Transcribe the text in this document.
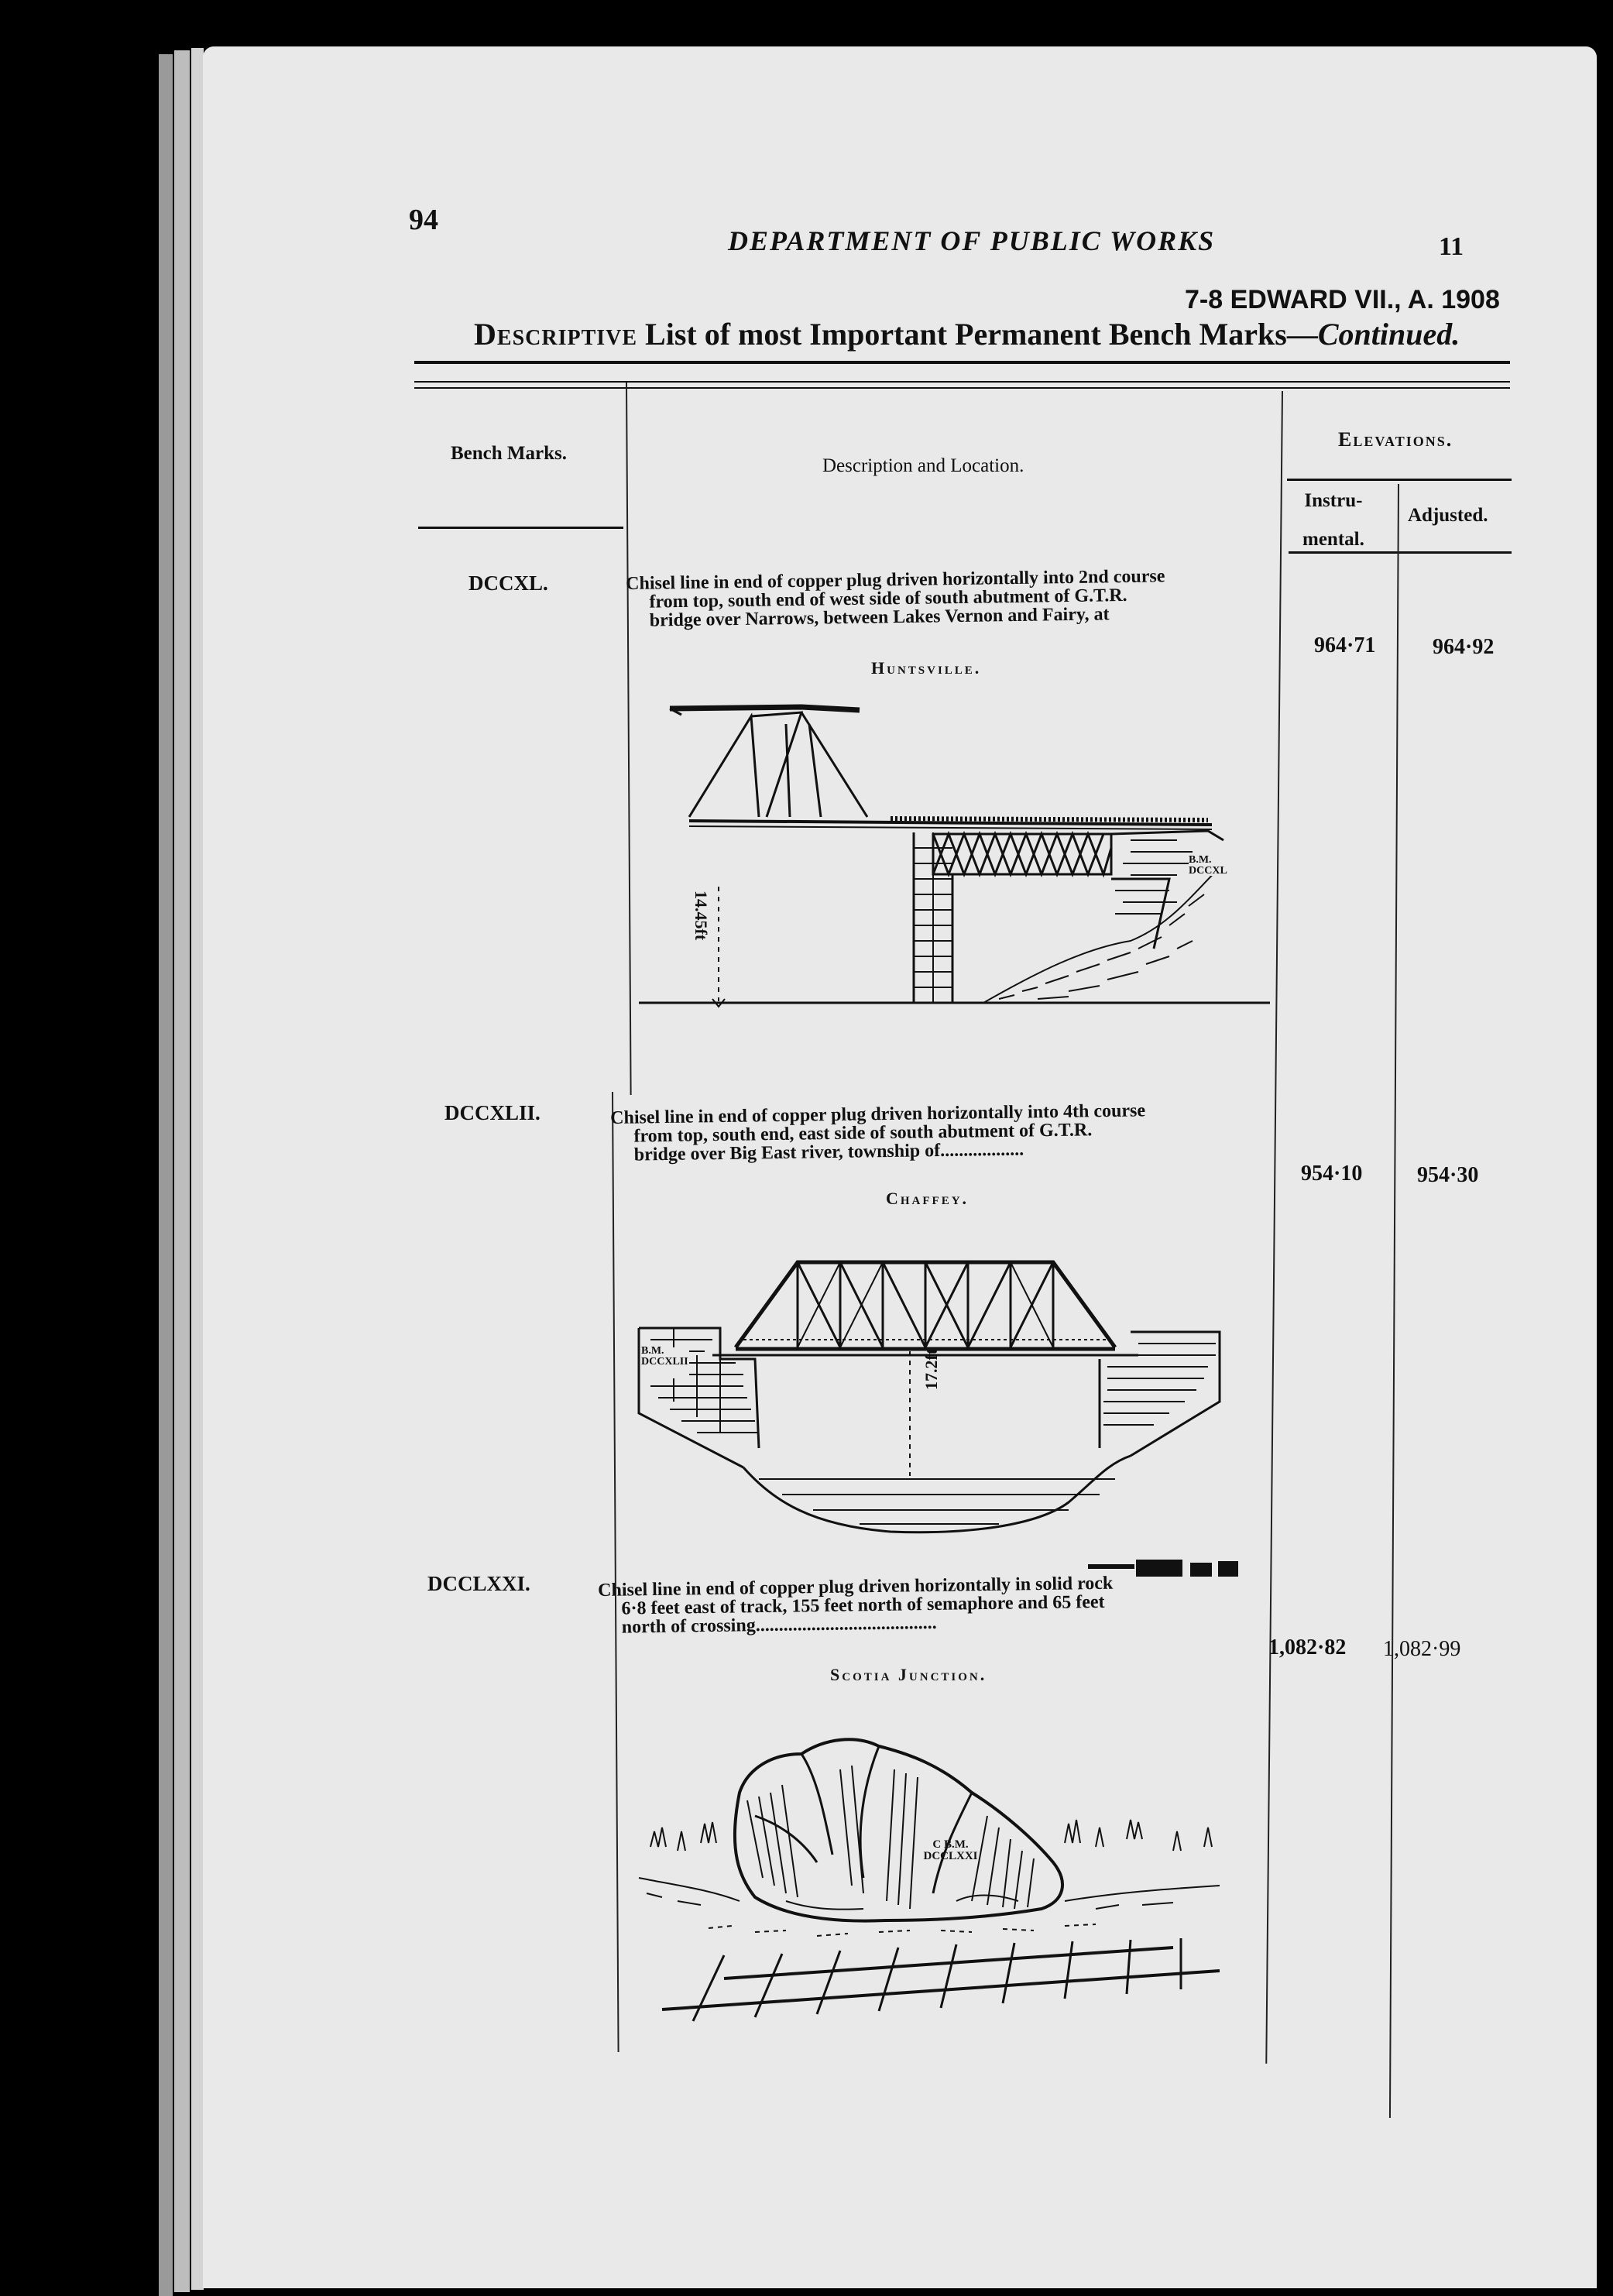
94
DEPARTMENT OF PUBLIC WORKS	11
7-8 EDWARD VII., A. 1908
Descriptive List of most Important Permanent Bench Marks—Continued.
Bench Marks.
Description and Location.
Elevations.
Instru-
mental.
Adjusted.
DCCXL.	Chisel line in end of copper plug driven horizontally into 2nd course
from top, south end of west side of south abutment of G.T.R.
bridge over Narrows, between Lakes Vernon and Fairy, at
964·71	964·92
Huntsville.
14.45ft
B.M. DCCXL
DCCXLII.	Chisel line in end of copper plug driven horizontally into 4th course
from top, south end, east side of south abutment of G.T.R.
bridge over Big East river, township of..................
954·10	954·30
Chaffey.
17.2ft
B.M. DCCXLII
DCCLXXI.	Chisel line in end of copper plug driven horizontally in solid rock
6·8 feet east of track, 155 feet north of semaphore and 65 feet
north of crossing.......................................
1,082·82 1,082·99
Scotia Junction.
C B.M. DCCLXXI
